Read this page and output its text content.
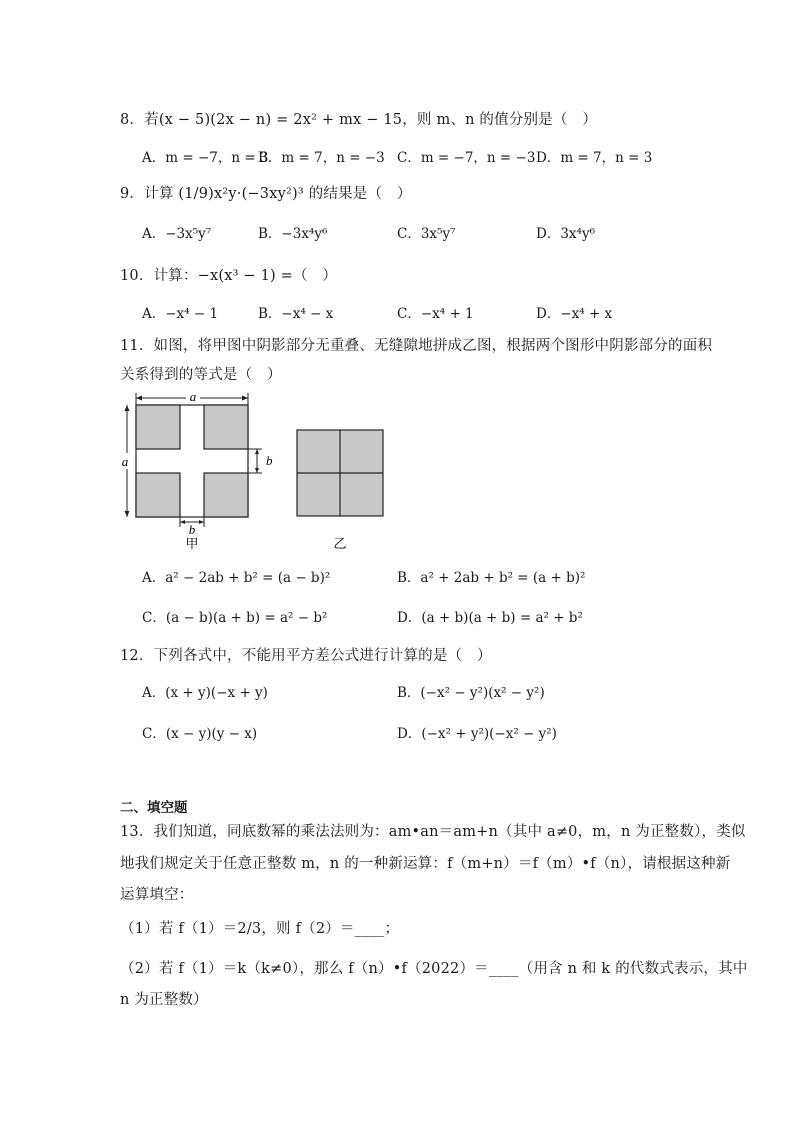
8．若(x − 5)(2x − n) = 2x² + mx − 15，则 m、n 的值分别是（　）
A．m = −7，n = 3
B．m = 7，n = −3 C．m = −7，n = −3 D．m = 7，n = 3
9．计算 (1/9)x²y·(−3xy²)³ 的结果是（　）
A．−3x⁵y⁷	B．−3x⁴y⁶	C．3x⁵y⁷	D．3x⁴y⁶
10．计算：−x(x³ − 1) =（　）
A．−x⁴ − 1	B．−x⁴ − x	C．−x⁴ + 1	D．−x⁴ + x
11．如图，将甲图中阴影部分无重叠、无缝隙地拼成乙图，根据两个图形中阴影部分的面积
关系得到的等式是（　）
a
a	b
b
甲	乙
A．a² − 2ab + b² = (a − b)²	B．a² + 2ab + b² = (a + b)²
C．(a − b)(a + b) = a² − b²	D．(a + b)(a + b) = a² + b²
12．下列各式中，不能用平方差公式进行计算的是（　）
A．(x + y)(−x + y)	B．(−x² − y²)(x² − y²)
C．(x − y)(y − x)	D．(−x² + y²)(−x² − y²)
二、填空题
13．我们知道，同底数幂的乘法法则为：am•an＝am+n（其中 a≠0，m，n 为正整数），类似
地我们规定关于任意正整数 m，n 的一种新运算：f（m+n）＝f（m）•f（n），请根据这种新
运算填空：
（1）若 f（1）＝2/3，则 f（2）＝____；
（2）若 f（1）＝k（k≠0），那么 f（n）•f（2022）＝____（用含 n 和 k 的代数式表示，其中
n 为正整数）
